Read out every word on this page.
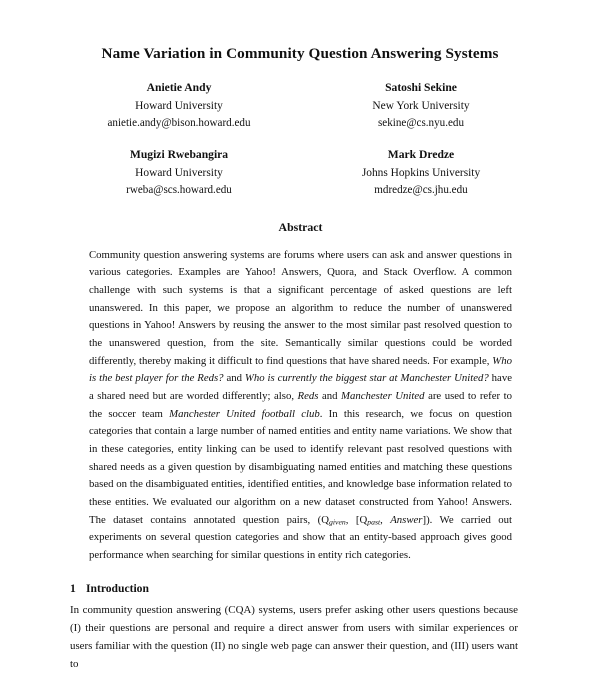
Name Variation in Community Question Answering Systems
Anietie Andy
Howard University
anietie.andy@bison.howard.edu
Satoshi Sekine
New York University
sekine@cs.nyu.edu
Mugizi Rwebangira
Howard University
rweba@scs.howard.edu
Mark Dredze
Johns Hopkins University
mdredze@cs.jhu.edu
Abstract

Community question answering systems are forums where users can ask and answer questions in various categories. Examples are Yahoo! Answers, Quora, and Stack Overflow. A common challenge with such systems is that a significant percentage of asked questions are left unanswered. In this paper, we propose an algorithm to reduce the number of unanswered questions in Yahoo! Answers by reusing the answer to the most similar past resolved question to the unanswered question, from the site. Semantically similar questions could be worded differently, thereby making it difficult to find questions that have shared needs. For example, Who is the best player for the Reds? and Who is currently the biggest star at Manchester United? have a shared need but are worded differently; also, Reds and Manchester United are used to refer to the soccer team Manchester United football club. In this research, we focus on question categories that contain a large number of named entities and entity name variations. We show that in these categories, entity linking can be used to identify relevant past resolved questions with shared needs as a given question by disambiguating named entities and matching these questions based on the disambiguated entities, identified entities, and knowledge base information related to these entities. We evaluated our algorithm on a new dataset constructed from Yahoo! Answers. The dataset contains annotated question pairs, ($Q_{given}$, [$Q_{past}$, Answer]). We carried out experiments on several question categories and show that an entity-based approach gives good performance when searching for similar questions in entity rich categories.

1 Introduction

In community question answering (CQA) systems, users prefer asking other users questions because (I) their questions are personal and require a direct answer from users with similar experiences or users familiar with the question (II) no single web page can answer their question, and (III) users want to
